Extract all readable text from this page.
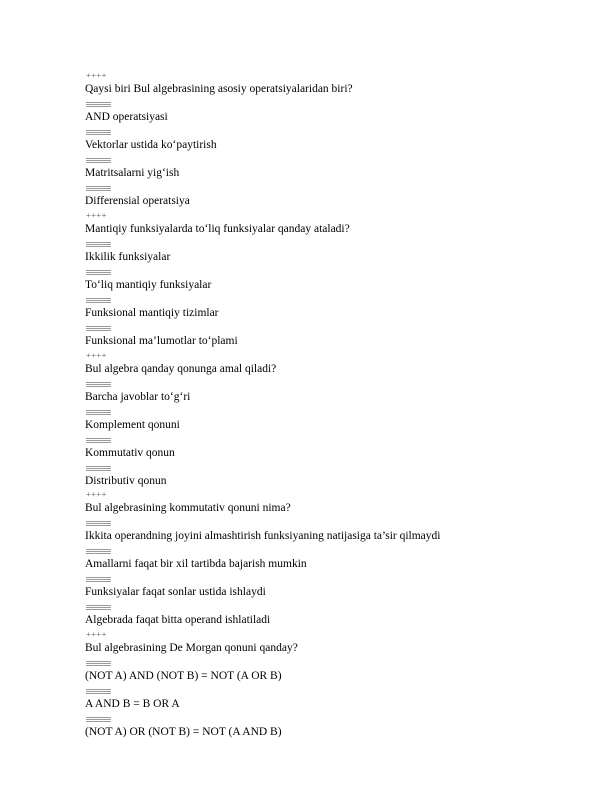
++++
Qaysi biri Bul algebrasining asosiy operatsiyalaridan biri?
AND operatsiyasi
Vektorlar ustida ko‘paytirish
Matritsalarni yig‘ish
Differensial operatsiya
++++
Mantiqiy funksiyalarda to‘liq funksiyalar qanday ataladi?
Ikkilik funksiyalar
To‘liq mantiqiy funksiyalar
Funksional mantiqiy tizimlar
Funksional ma’lumotlar to‘plami
++++
Bul algebra qanday qonunga amal qiladi?
Barcha javoblar to‘g‘ri
Komplement qonuni
Kommutativ qonun
Distributiv qonun
++++
Bul algebrasining kommutativ qonuni nima?
Ikkita operandning joyini almashtirish funksiyaning natijasiga ta’sir qilmaydi
Amallarni faqat bir xil tartibda bajarish mumkin
Funksiyalar faqat sonlar ustida ishlaydi
Algebrada faqat bitta operand ishlatiladi
++++
Bul algebrasining De Morgan qonuni qanday?
(NOT A) AND (NOT B) = NOT (A OR B)
A AND B = B OR A
(NOT A) OR (NOT B) = NOT (A AND B)
